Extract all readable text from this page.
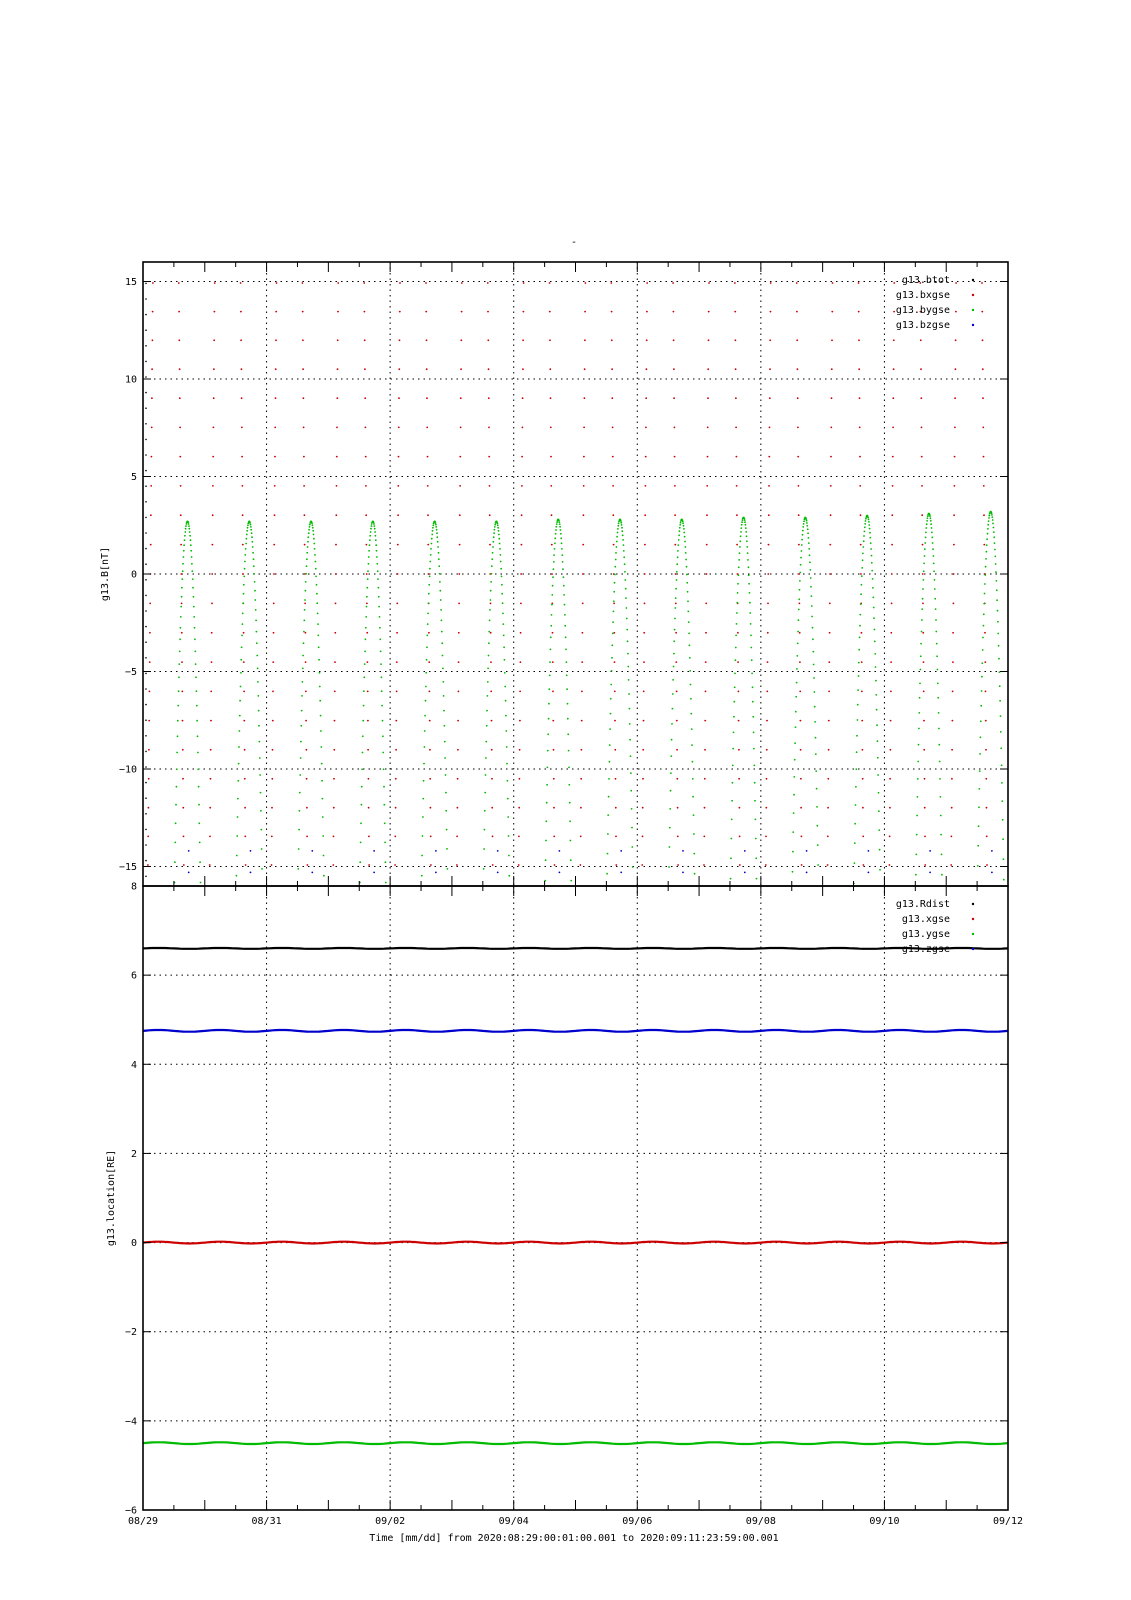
-
15
10
5
0
−5
−10
−15
g13.B[nT]
g13.btot
g13.bxgse
g13.bygse
g13.bzgse
8
6
4
2
0
−2
−4
−6
08/29	08/31	09/02	09/04	09/06	09/08	09/10	09/12
g13.location[RE]
g13.Rdist
g13.xgse
g13.ygse
g13.zgse
Time [mm/dd] from 2020:08:29:00:01:00.001 to 2020:09:11:23:59:00.001
